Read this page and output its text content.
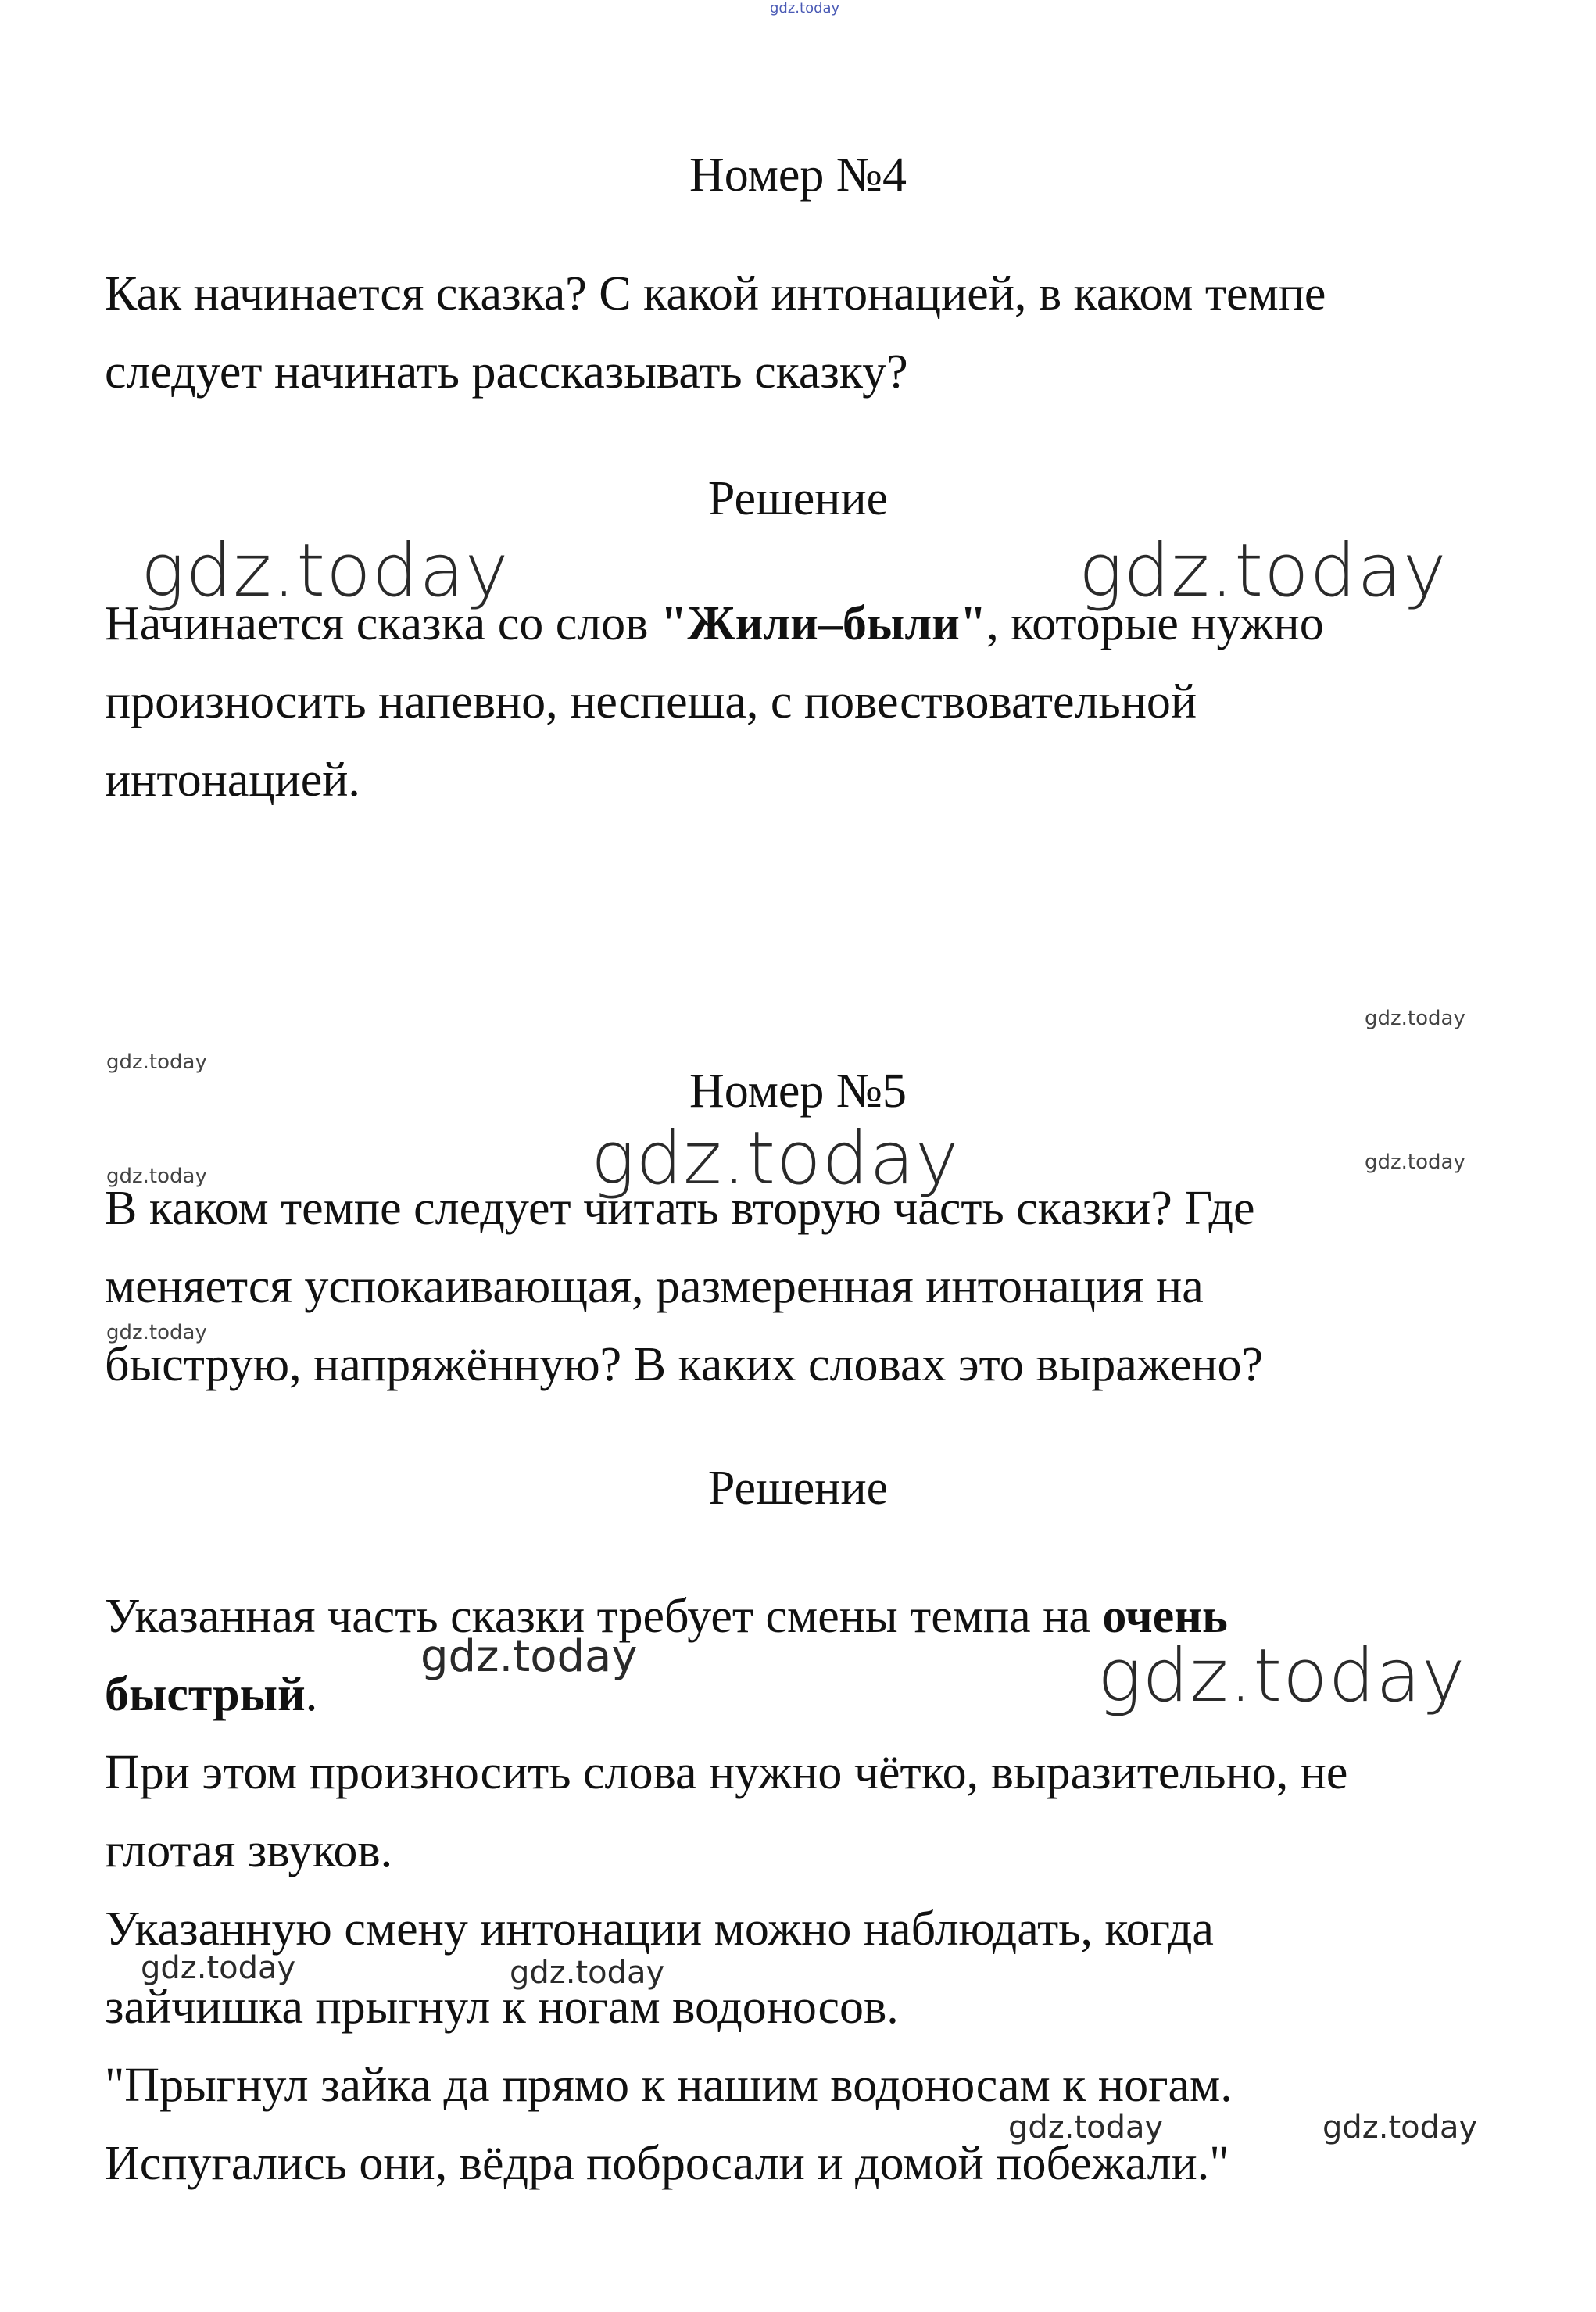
gdz.today
Номер №4

Как начинается сказка? С какой интонацией, в каком темпе
следует начинать рассказывать сказку?

Решение

Начинается сказка со слов "Жили–были", которые нужно
произносить напевно, неспеша, с повествовательной
интонацией.

Номер №5

В каком темпе следует читать вторую часть сказки? Где
меняется успокаивающая, размеренная интонация на
быструю, напряжённую? В каких словах это выражено?

Решение

Указанная часть сказки требует смены темпа на очень
быстрый.

При этом произносить слова нужно чётко, выразительно, не
глотая звуков.

Указанную смену интонации можно наблюдать, когда
зайчишка прыгнул к ногам водоносов.

"Прыгнул зайка да прямо к нашим водоносам к ногам.
Испугались они, вёдра побросали и домой побежали."

gdz.today	gdz.today
gdz.today
gdz.today
gdz.today
gdz.today
gdz.today
gdz.today
gdz.today	gdz.today
gdz.today	gdz.today
gdz.today	gdz.today
